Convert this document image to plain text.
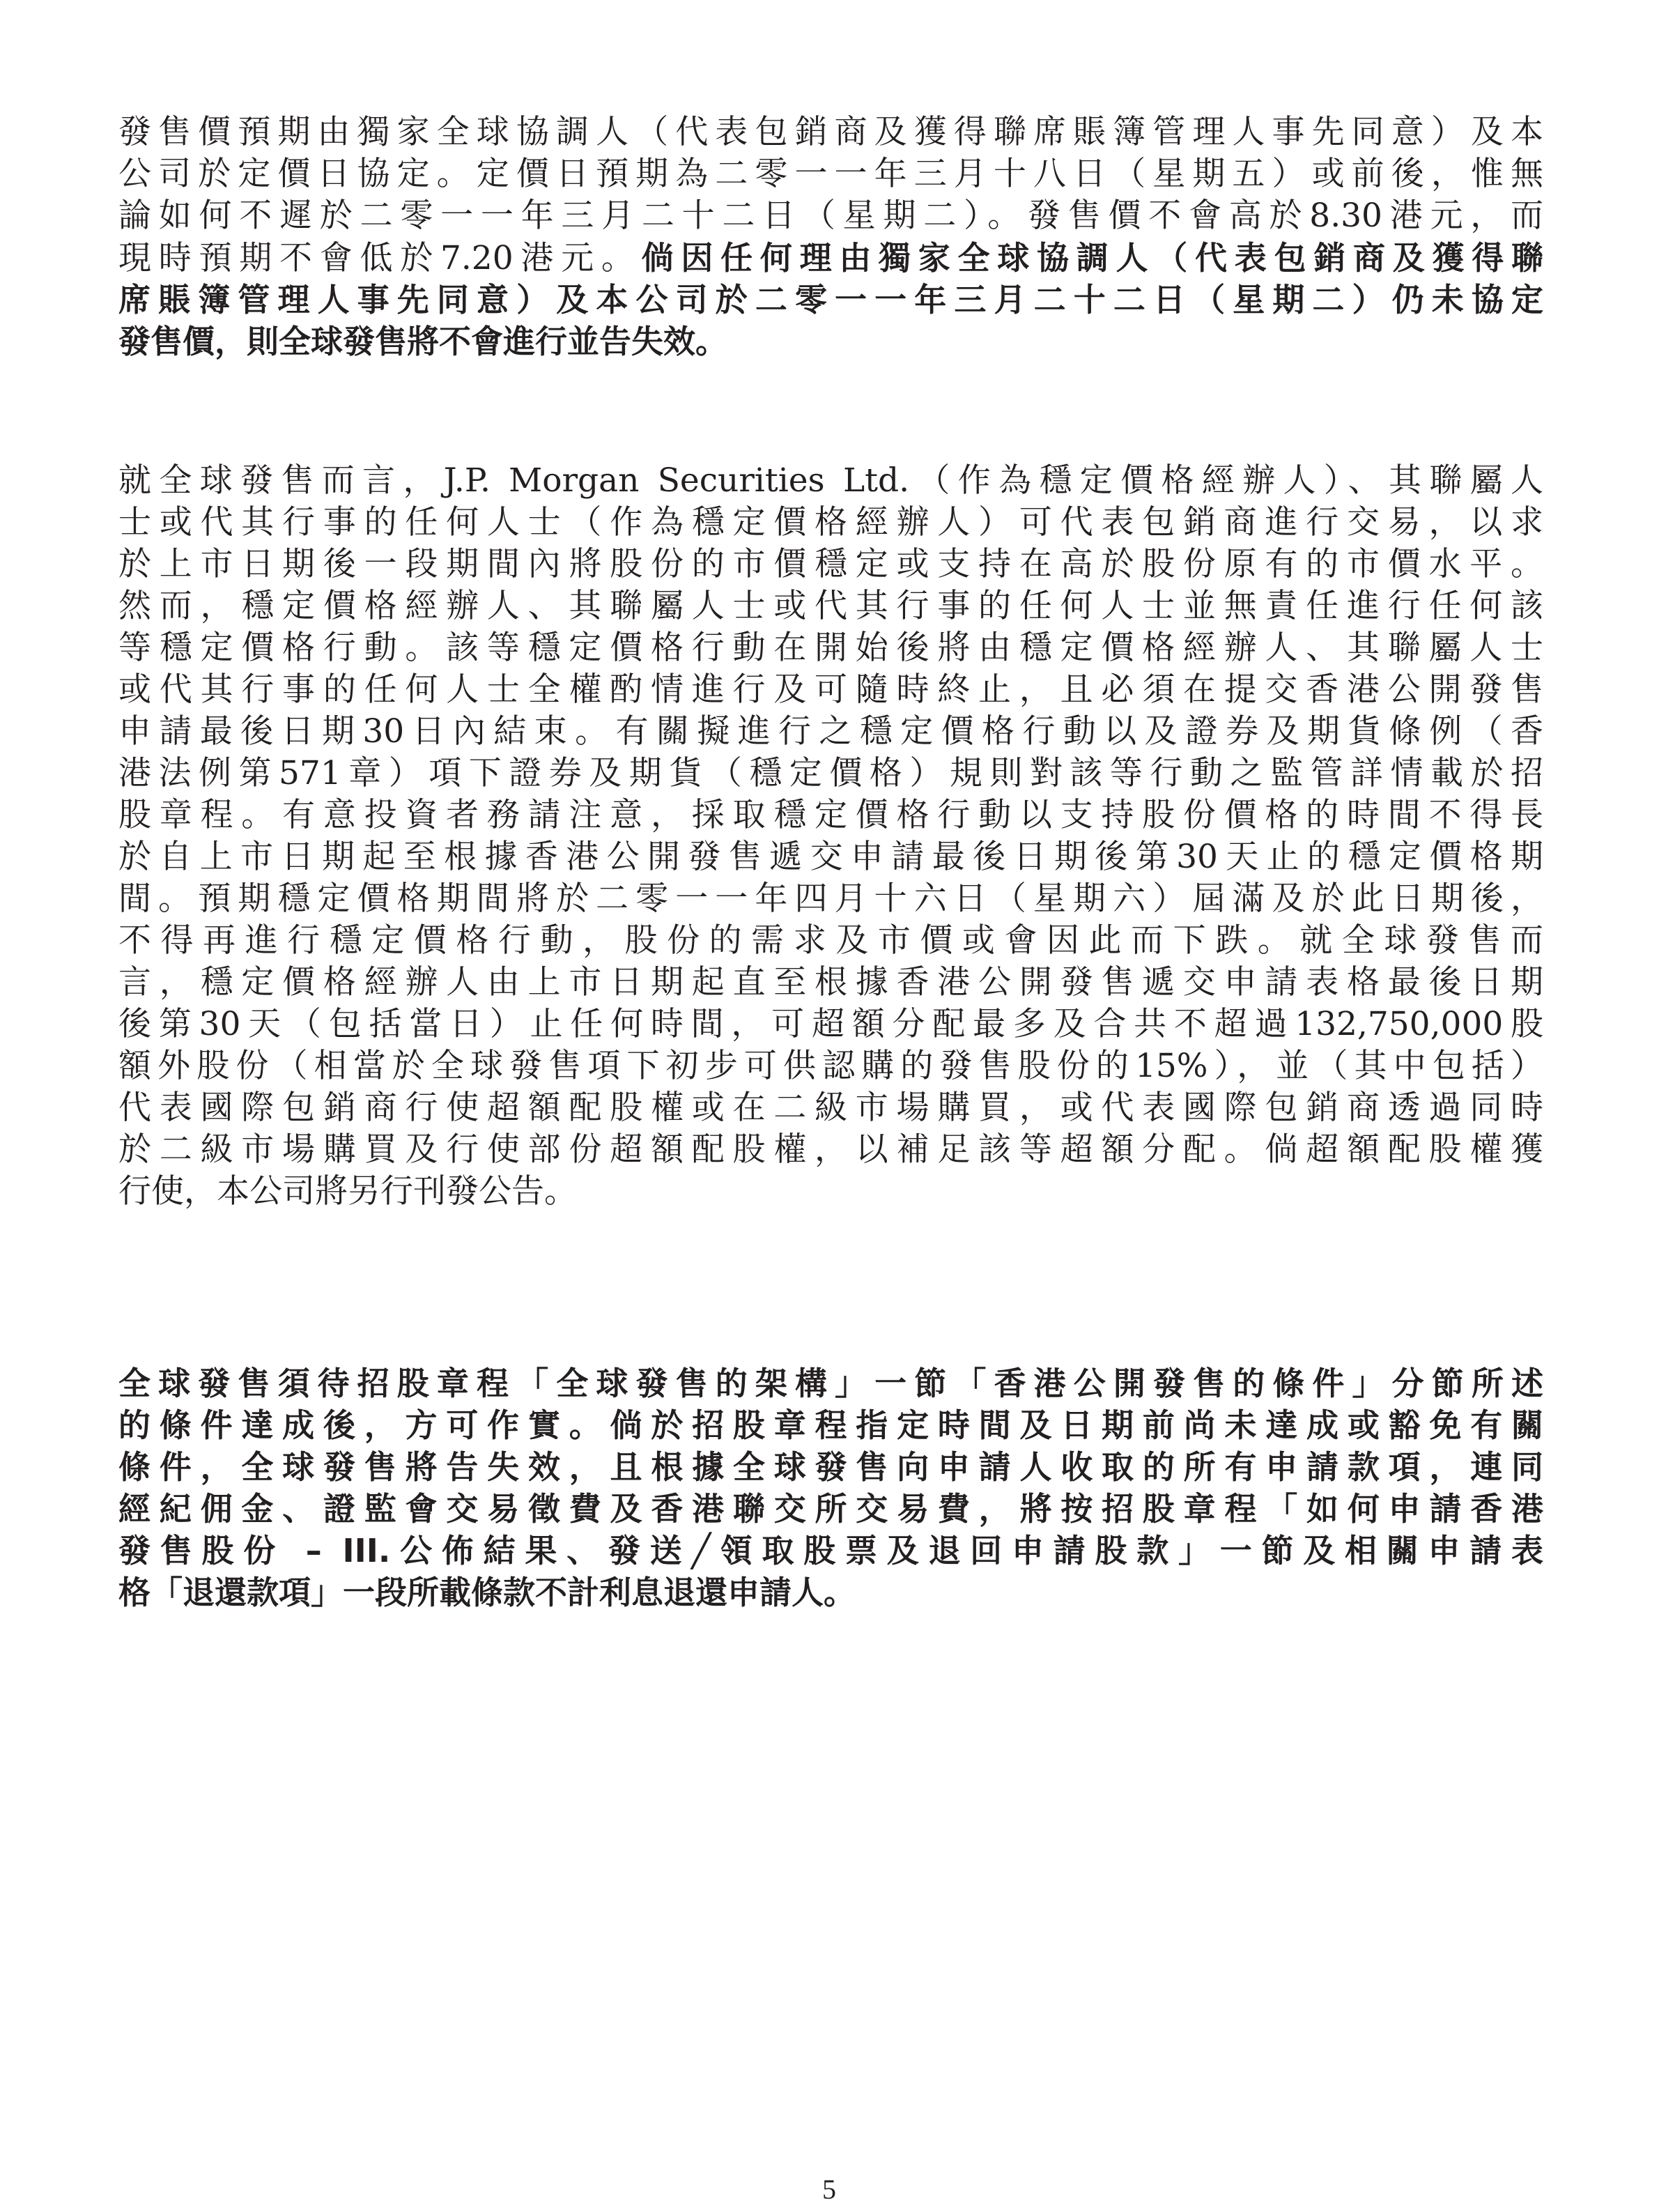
發售價預期由獨家全球協調人（代表包銷商及獲得聯席賬簿管理人事先同意）及本
公司於定價日協定。定價日預期為二零一一年三月十八日（星期五）或前後，惟無
論如何不遲於二零一一年三月二十二日（星期二）。發售價不會高於8.30港元，而
現時預期不會低於7.20港元。倘因任何理由獨家全球協調人（代表包銷商及獲得聯
席賬簿管理人事先同意）及本公司於二零一一年三月二十二日（星期二）仍未協定
發售價，則全球發售將不會進行並告失效。
就全球發售而言，J.P. Morgan Securities Ltd.（作為穩定價格經辦人）、其聯屬人
士或代其行事的任何人士（作為穩定價格經辦人）可代表包銷商進行交易，以求
於上市日期後一段期間內將股份的市價穩定或支持在高於股份原有的市價水平。
然而，穩定價格經辦人、其聯屬人士或代其行事的任何人士並無責任進行任何該
等穩定價格行動。該等穩定價格行動在開始後將由穩定價格經辦人、其聯屬人士
或代其行事的任何人士全權酌情進行及可隨時終止，且必須在提交香港公開發售
申請最後日期30日內結束。有關擬進行之穩定價格行動以及證券及期貨條例（香
港法例第571章）項下證券及期貨（穩定價格）規則對該等行動之監管詳情載於招
股章程。有意投資者務請注意，採取穩定價格行動以支持股份價格的時間不得長
於自上市日期起至根據香港公開發售遞交申請最後日期後第30天止的穩定價格期
間。預期穩定價格期間將於二零一一年四月十六日（星期六）屆滿及於此日期後，
不得再進行穩定價格行動，股份的需求及市價或會因此而下跌。就全球發售而
言，穩定價格經辦人由上市日期起直至根據香港公開發售遞交申請表格最後日期
後第30天（包括當日）止任何時間，可超額分配最多及合共不超過132,750,000股
額外股份（相當於全球發售項下初步可供認購的發售股份的15%），並（其中包括）
代表國際包銷商行使超額配股權或在二級市場購買，或代表國際包銷商透過同時
於二級市場購買及行使部份超額配股權，以補足該等超額分配。倘超額配股權獲
行使，本公司將另行刊發公告。
全球發售須待招股章程「全球發售的架構」一節「香港公開發售的條件」分節所述
的條件達成後，方可作實。倘於招股章程指定時間及日期前尚未達成或豁免有關
條件，全球發售將告失效，且根據全球發售向申請人收取的所有申請款項，連同
經紀佣金、證監會交易徵費及香港聯交所交易費，將按招股章程「如何申請香港
發售股份 – III.公佈結果、發送╱領取股票及退回申請股款」一節及相關申請表
格「退還款項」一段所載條款不計利息退還申請人。
5
